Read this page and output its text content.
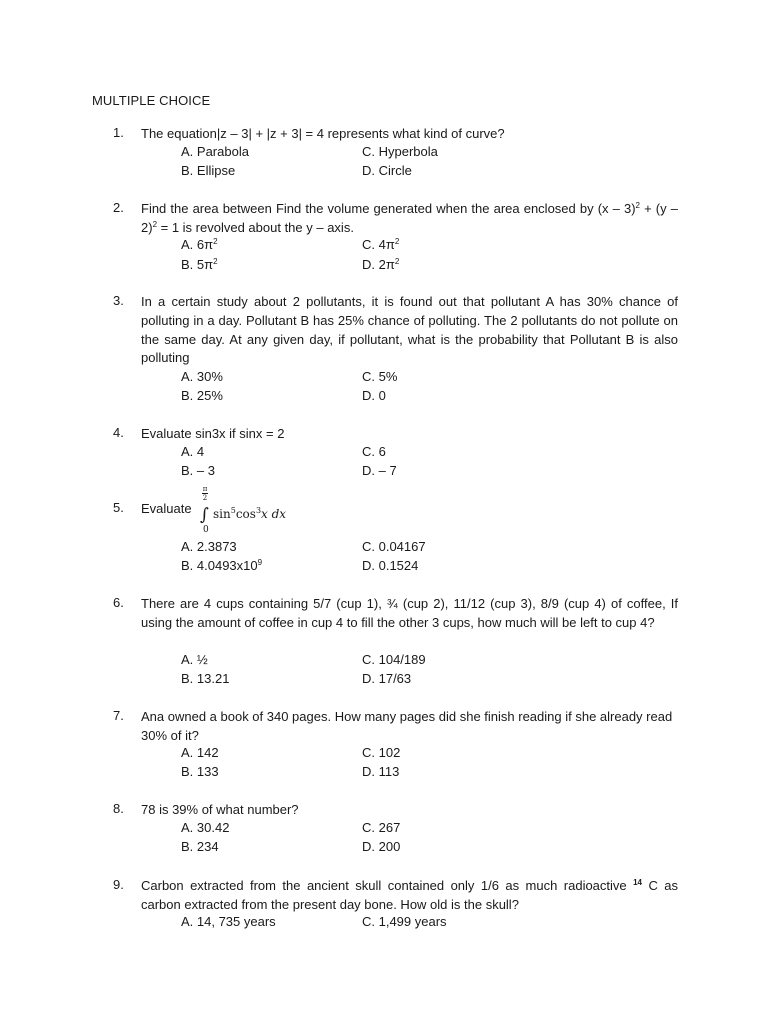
MULTIPLE CHOICE
1. The equation|z – 3| + |z + 3| = 4 represents what kind of curve?
A. Parabola	C. Hyperbola
B. Ellipse	D. Circle
2. Find the area between Find the volume generated when the area enclosed by (x – 3)$^2$ + (y – 2)$^2$ = 1 is revolved about the y – axis.
A. $6\pi^2$	C. $4\pi^2$
B. $5\pi^2$	D. $2\pi^2$
3. In a certain study about 2 pollutants, it is found out that pollutant A has 30% chance of polluting in a day. Pollutant B has 25% chance of polluting. The 2 pollutants do not pollute on the same day. At any given day, if pollutant, what is the probability that Pollutant B is also polluting
A. 30%	C. 5%
B. 25%	D. 0
4. Evaluate sin3x if sinx = 2
A. 4	C. 6
B. – 3	D. – 7
5. Evaluate
π
2
∫
0
$\sin^5\cos^3x$ dx
A. 2.3873	C. 0.04167
B. $4.0493x10^9$	D. 0.1524
6. There are 4 cups containing 5/7 (cup 1), ¾ (cup 2), 11/12 (cup 3), 8/9 (cup 4) of coffee, If using the amount of coffee in cup 4 to fill the other 3 cups, how much will be left to cup 4?
A. ½	C. 104/189
B. 13.21	D. 17/63
7. Ana owned a book of 340 pages. How many pages did she finish reading if she already read 30% of it?
A. 142	C. 102
B. 133	D. 113
8. 78 is 39% of what number?
A. 30.42	C. 267
B. 234	D. 200
9. Carbon extracted from the ancient skull contained only 1/6 as much radioactive $^{14}$ C as carbon extracted from the present day bone. How old is the skull?
A. 14, 735 years	C. 1,499 years
